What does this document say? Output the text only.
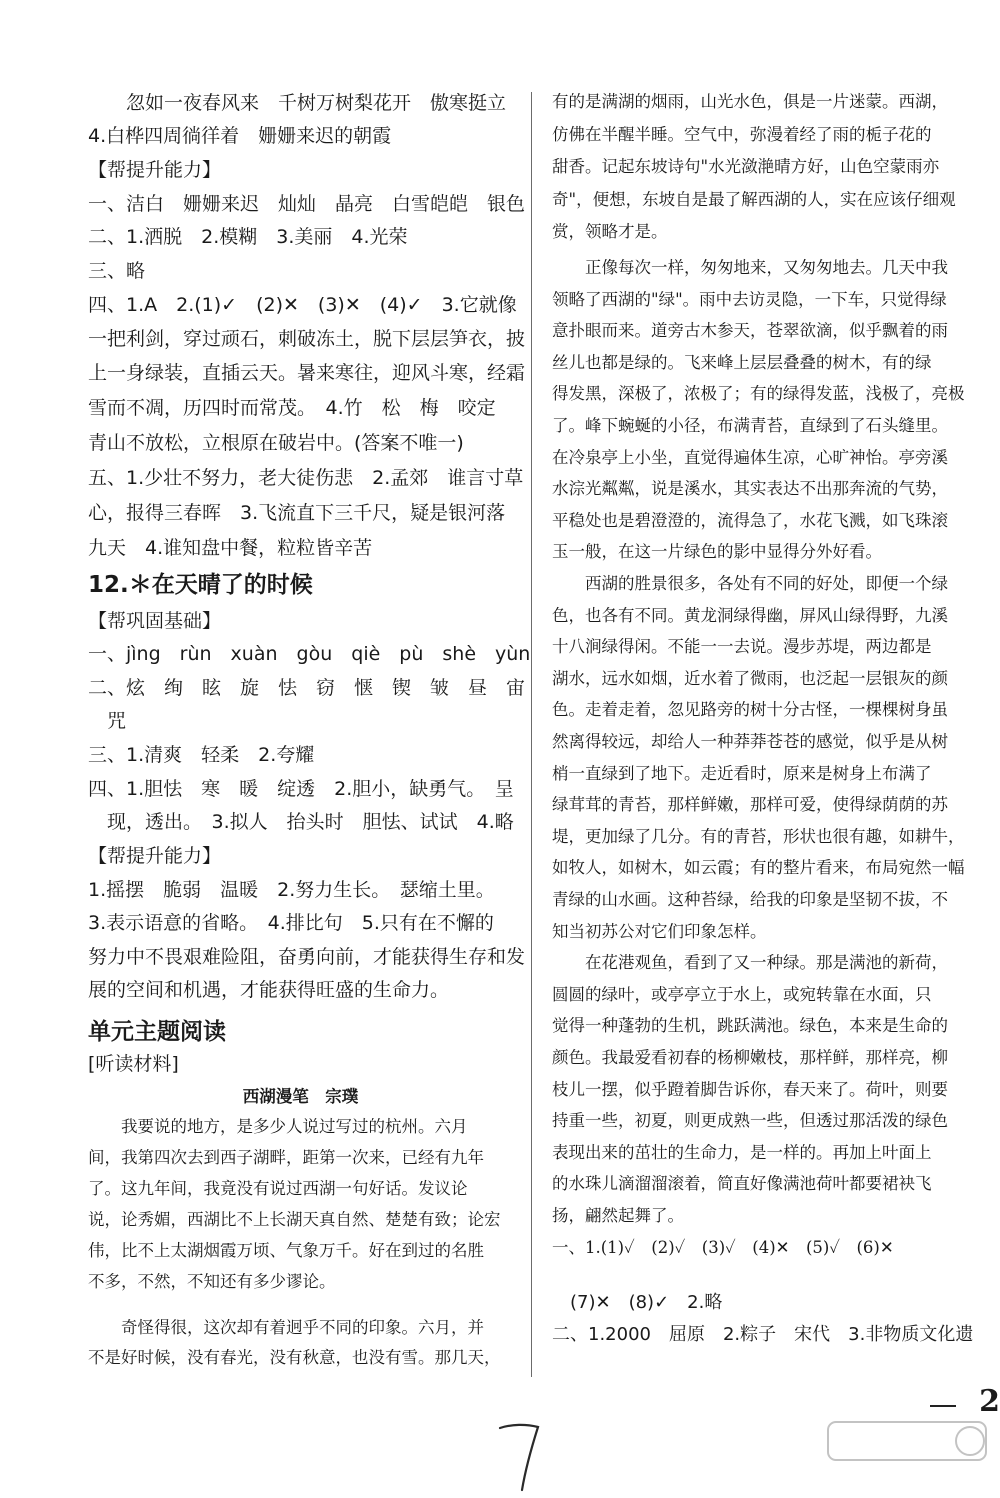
　　忽如一夜春风来　千树万树梨花开　傲寒挺立
4.白桦四周徜徉着　姗姗来迟的朝霞
【帮提升能力】
一、洁白　姗姗来迟　灿灿　晶亮　白雪皑皑　银色
二、1.洒脱　2.模糊　3.美丽　4.光荣
三、略
四、1.A　2.(1)✓　(2)✕　(3)✕　(4)✓　3.它就像
一把利剑，穿过顽石，刺破冻土，脱下层层笋衣，披
上一身绿装，直插云天。暑来寒往，迎风斗寒，经霜
雪而不凋，历四时而常茂。　4.竹　松　梅　咬定
青山不放松，立根原在破岩中。(答案不唯一)
五、1.少壮不努力，老大徒伤悲　2.孟郊　谁言寸草
心，报得三春晖　3.飞流直下三千尺，疑是银河落
九天　4.谁知盘中餐，粒粒皆辛苦
12.＊在天晴了的时候
【帮巩固基础】
一、jìng　rùn　xuàn　gòu　qiè　pù　shè　yùn
二、炫　绚　眩　旋　怯　窃　惬　锲　皱　昼　宙
　咒
三、1.清爽　轻柔　2.夸耀
四、1.胆怯　寒　暖　绽透　2.胆小，缺勇气。　呈
　现，透出。　3.拟人　抬头时　胆怯、试试　4.略
【帮提升能力】
1.摇摆　脆弱　温暖　2.努力生长。　瑟缩土里。
3.表示语意的省略。　4.排比句　5.只有在不懈的
努力中不畏艰难险阻，奋勇向前，才能获得生存和发
展的空间和机遇，才能获得旺盛的生命力。
单元主题阅读
[听读材料]
西湖漫笔　宗璞
　　我要说的地方，是多少人说过写过的杭州。六月
间，我第四次去到西子湖畔，距第一次来，已经有九年
了。这九年间，我竟没有说过西湖一句好话。发议论
说，论秀媚，西湖比不上长湖天真自然、楚楚有致；论宏
伟，比不上太湖烟霞万顷、气象万千。好在到过的名胜
不多，不然，不知还有多少谬论。
　　奇怪得很，这次却有着迥乎不同的印象。六月，并
不是好时候，没有春光，没有秋意，也没有雪。那几天，
有的是满湖的烟雨，山光水色，俱是一片迷蒙。西湖，
仿佛在半醒半睡。空气中，弥漫着经了雨的栀子花的
甜香。记起东坡诗句"水光潋滟晴方好，山色空蒙雨亦
奇"，便想，东坡自是最了解西湖的人，实在应该仔细观
赏，领略才是。
　　正像每次一样，匆匆地来，又匆匆地去。几天中我
领略了西湖的"绿"。雨中去访灵隐，一下车，只觉得绿
意扑眼而来。道旁古木参天，苍翠欲滴，似乎飘着的雨
丝儿也都是绿的。飞来峰上层层叠叠的树木，有的绿
得发黑，深极了，浓极了；有的绿得发蓝，浅极了，亮极
了。峰下蜿蜒的小径，布满青苔，直绿到了石头缝里。
在冷泉亭上小坐，直觉得遍体生凉，心旷神怡。亭旁溪
水淙光粼粼，说是溪水，其实表达不出那奔流的气势，
平稳处也是碧澄澄的，流得急了，水花飞溅，如飞珠滚
玉一般，在这一片绿色的影中显得分外好看。
　　西湖的胜景很多，各处有不同的好处，即便一个绿
色，也各有不同。黄龙洞绿得幽，屏风山绿得野，九溪
十八涧绿得闲。不能一一去说。漫步苏堤，两边都是
湖水，远水如烟，近水着了微雨，也泛起一层银灰的颜
色。走着走着，忽见路旁的树十分古怪，一棵棵树身虽
然离得较远，却给人一种莽莽苍苍的感觉，似乎是从树
梢一直绿到了地下。走近看时，原来是树身上布满了
绿茸茸的青苔，那样鲜嫩，那样可爱，使得绿荫荫的苏
堤，更加绿了几分。有的青苔，形状也很有趣，如耕牛，
如牧人，如树木，如云霞；有的整片看来，布局宛然一幅
青绿的山水画。这种苔绿，给我的印象是坚韧不拔，不
知当初苏公对它们印象怎样。
　　在花港观鱼，看到了又一种绿。那是满池的新荷，
圆圆的绿叶，或亭亭立于水上，或宛转靠在水面，只
觉得一种蓬勃的生机，跳跃满池。绿色，本来是生命的
颜色。我最爱看初春的杨柳嫩枝，那样鲜，那样亮，柳
枝儿一摆，似乎蹬着脚告诉你，春天来了。荷叶，则要
持重一些，初夏，则更成熟一些，但透过那活泼的绿色
表现出来的茁壮的生命力，是一样的。再加上叶面上
的水珠儿滴溜溜滚着，简直好像满池荷叶都要裙袂飞
扬，翩然起舞了。
一、1.(1)✓　(2)✓　(3)✓　(4)✕　(5)✓　(6)✕
　(7)✕　(8)✓　2.略
二、1.2000　屈原　2.粽子　宋代　3.非物质文化遗
2
